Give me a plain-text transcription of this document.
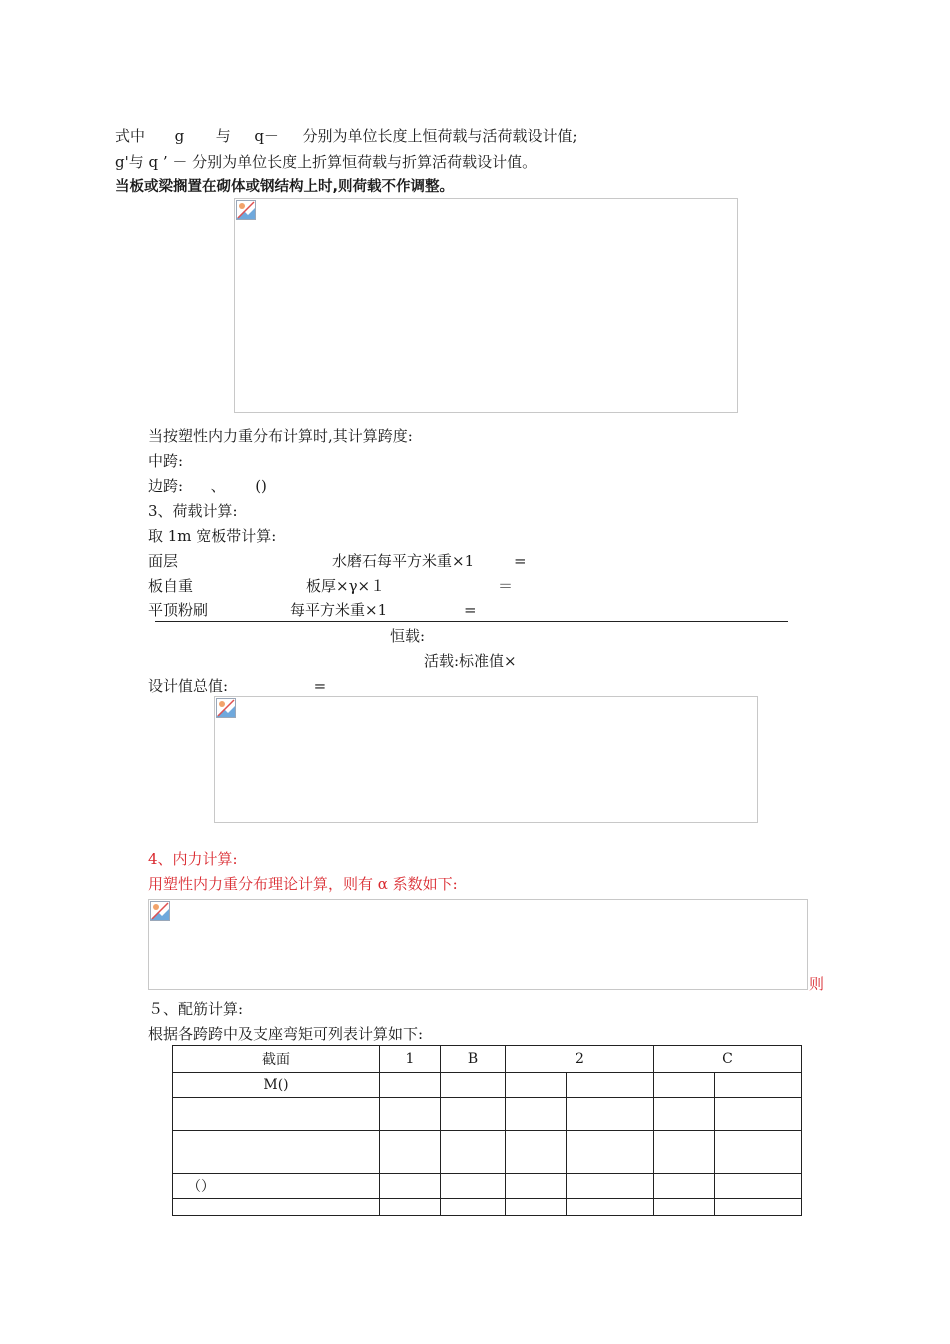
式中 g 与 q－ 分别为单位长度上恒荷载与活荷载设计值;
g'与 q ’ － 分别为单位长度上折算恒荷载与折算活荷载设计值。
当板或梁搁置在砌体或钢结构上时,则荷载不作调整。
当按塑性内力重分布计算时,其计算跨度:
中跨:
边跨: 、 ()
3、荷载计算:
取 1m 宽板带计算:
面层	水磨石每平方米重×1	=
板自重	板厚×γ×１	＝
平顶粉刷	每平方米重×1	=
恒载:
活载:标准值×
设计值总值:	=
4、内力计算:
用塑性内力重分布理论计算，则有 α 系数如下:
则
５、配筋计算:
根据各跨跨中及支座弯矩可列表计算如下:
截面	1	B	2		C	
M()						

（）						
